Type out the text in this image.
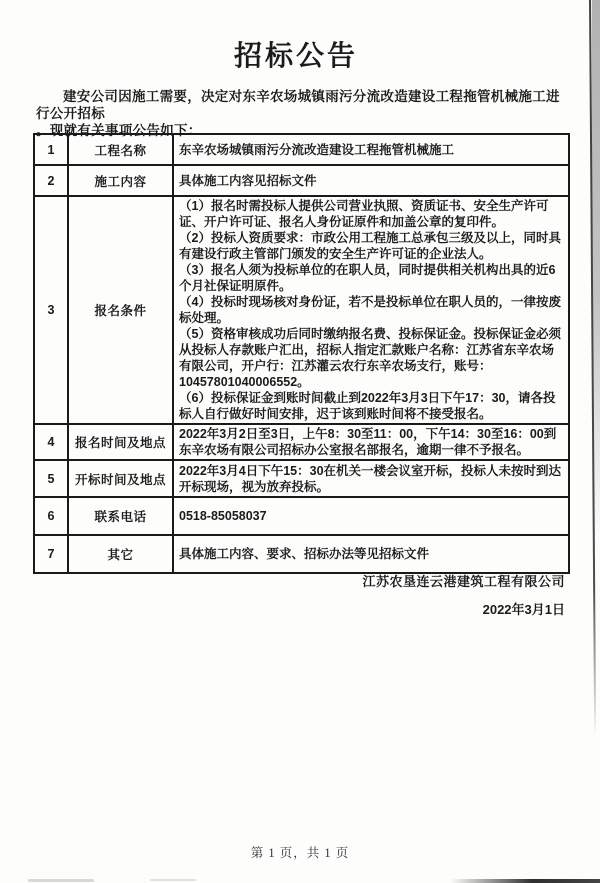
招标公告
建安公司因施工需要，决定对东辛农场城镇雨污分流改造建设工程拖管机械施工进行公开招标
。现就有关事项公告如下：
1	工程名称	东辛农场城镇雨污分流改造建设工程拖管机械施工

2	施工内容	具体施工内容见招标文件

3	报名条件	
（1）报名时需投标人提供公司营业执照、资质证书、安全生产许可证、开户许可证、报名人身份证原件和加盖公章的复印件。
（2）投标人资质要求：市政公用工程施工总承包三级及以上，同时具有建设行政主管部门颁发的安全生产许可证的企业法人。
（3）报名人须为投标单位的在职人员，同时提供相关机构出具的近6个月社保证明原件。
（4）投标时现场核对身份证，若不是投标单位在职人员的，一律按废标处理。
（5）资格审核成功后同时缴纳报名费、投标保证金。投标保证金必须从投标人存款账户汇出，招标人指定汇款账户名称：江苏省东辛农场有限公司，开户行：江苏灌云农行东辛农场支行，账号：10457801040006552。
（6）投标保证金到账时间截止到2022年3月3日下午17：30，请各投标人自行做好时间安排，迟于该到账时间将不接受报名。

4	报名时间及地点	2022年3月2日至3日，上午8：30至11：00，下午14：30至16：00到东辛农场有限公司招标办公室报名部报名，逾期一律不予报名。

5	开标时间及地点	2022年3月4日下午15：30在机关一楼会议室开标，投标人未按时到达开标现场，视为放弃投标。

6	联系电话	0518-85058037

7	其它	具体施工内容、要求、招标办法等见招标文件
江苏农垦连云港建筑工程有限公司
2022年3月1日
第 1 页，共 1 页
